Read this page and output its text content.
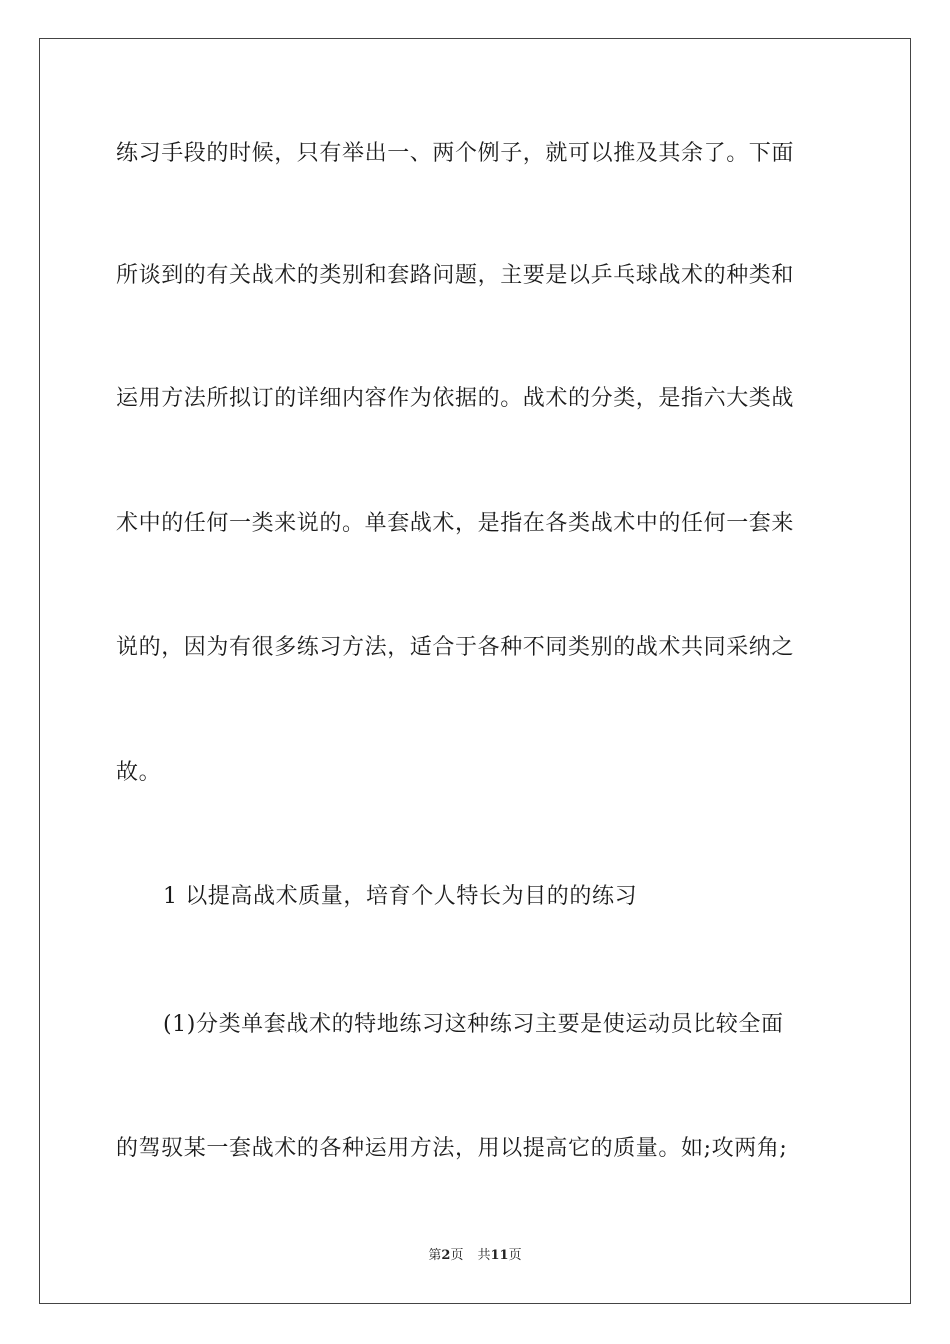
练习手段的时候，只有举出一、两个例子，就可以推及其余了。下面
所谈到的有关战术的类别和套路问题，主要是以乒乓球战术的种类和
运用方法所拟订的详细内容作为依据的。战术的分类，是指六大类战
术中的任何一类来说的。单套战术，是指在各类战术中的任何一套来
说的，因为有很多练习方法，适合于各种不同类别的战术共同采纳之
故。
1 以提高战术质量，培育个人特长为目的的练习
(1)分类单套战术的特地练习这种练习主要是使运动员比较全面
的驾驭某一套战术的各种运用方法，用以提高它的质量。如;攻两角;
第2页 共11页
